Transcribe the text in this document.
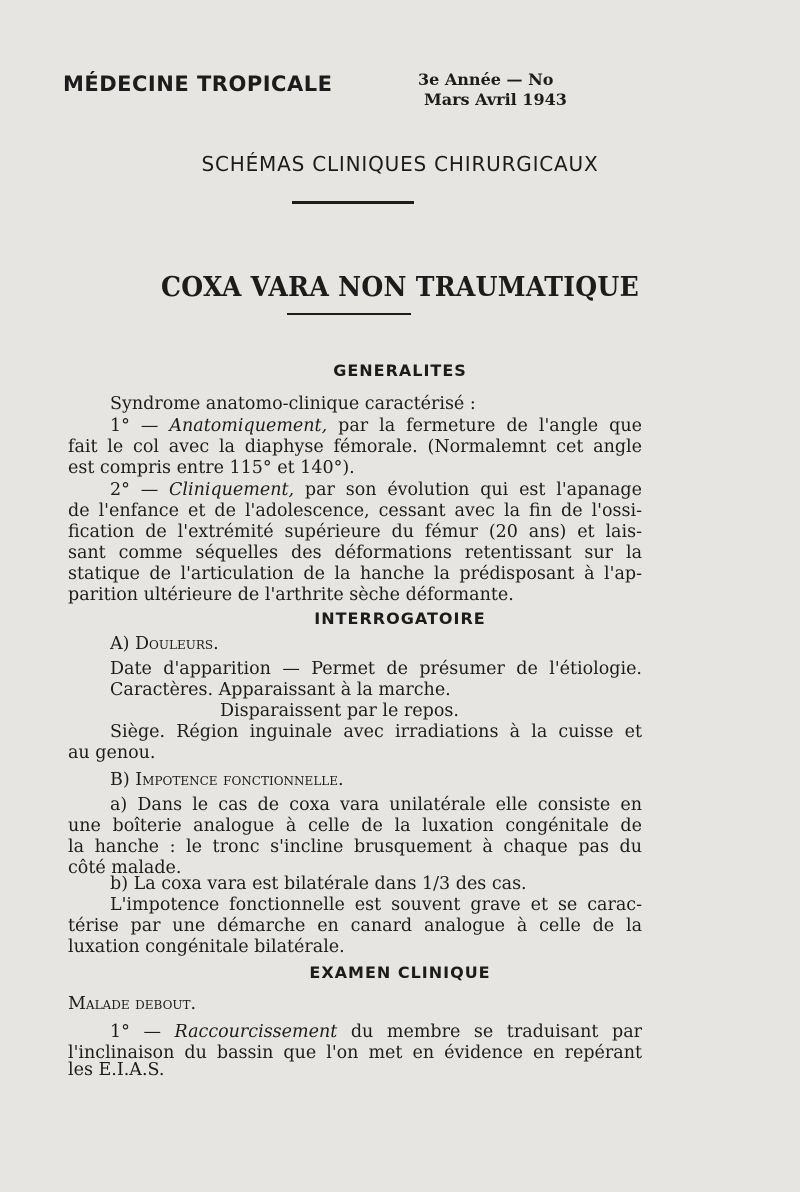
MÉDECINE TROPICALE	3e Année — No
Mars Avril 1943
SCHÉMAS CLINIQUES CHIRURGICAUX
COXA VARA NON TRAUMATIQUE
GENERALITES
Syndrome anatomo-clinique caractérisé :
1° — Anatomiquement, par la fermeture de l'angle que
fait le col avec la diaphyse fémorale. (Normalemnt cet angle
est compris entre 115° et 140°).
2° — Cliniquement, par son évolution qui est l'apanage
de l'enfance et de l'adolescence, cessant avec la fin de l'ossi-
fication de l'extrémité supérieure du fémur (20 ans) et lais-
sant comme séquelles des déformations retentissant sur la
statique de l'articulation de la hanche la prédisposant à l'ap-
parition ultérieure de l'arthrite sèche déformante.
INTERROGATOIRE
A) Douleurs.
Date d'apparition — Permet de présumer de l'étiologie.
Caractères. Apparaissant à la marche.
Disparaissent par le repos.
Siège. Région inguinale avec irradiations à la cuisse et
au genou.
B) Impotence fonctionnelle.
a) Dans le cas de coxa vara unilatérale elle consiste en
une boîterie analogue à celle de la luxation congénitale de
la hanche : le tronc s'incline brusquement à chaque pas du
côté malade.
b) La coxa vara est bilatérale dans 1/3 des cas.
L'impotence fonctionnelle est souvent grave et se carac-
térise par une démarche en canard analogue à celle de la
luxation congénitale bilatérale.
EXAMEN CLINIQUE
Malade debout.
1° — Raccourcissement du membre se traduisant par
l'inclinaison du bassin que l'on met en évidence en repérant
les E.I.A.S.
